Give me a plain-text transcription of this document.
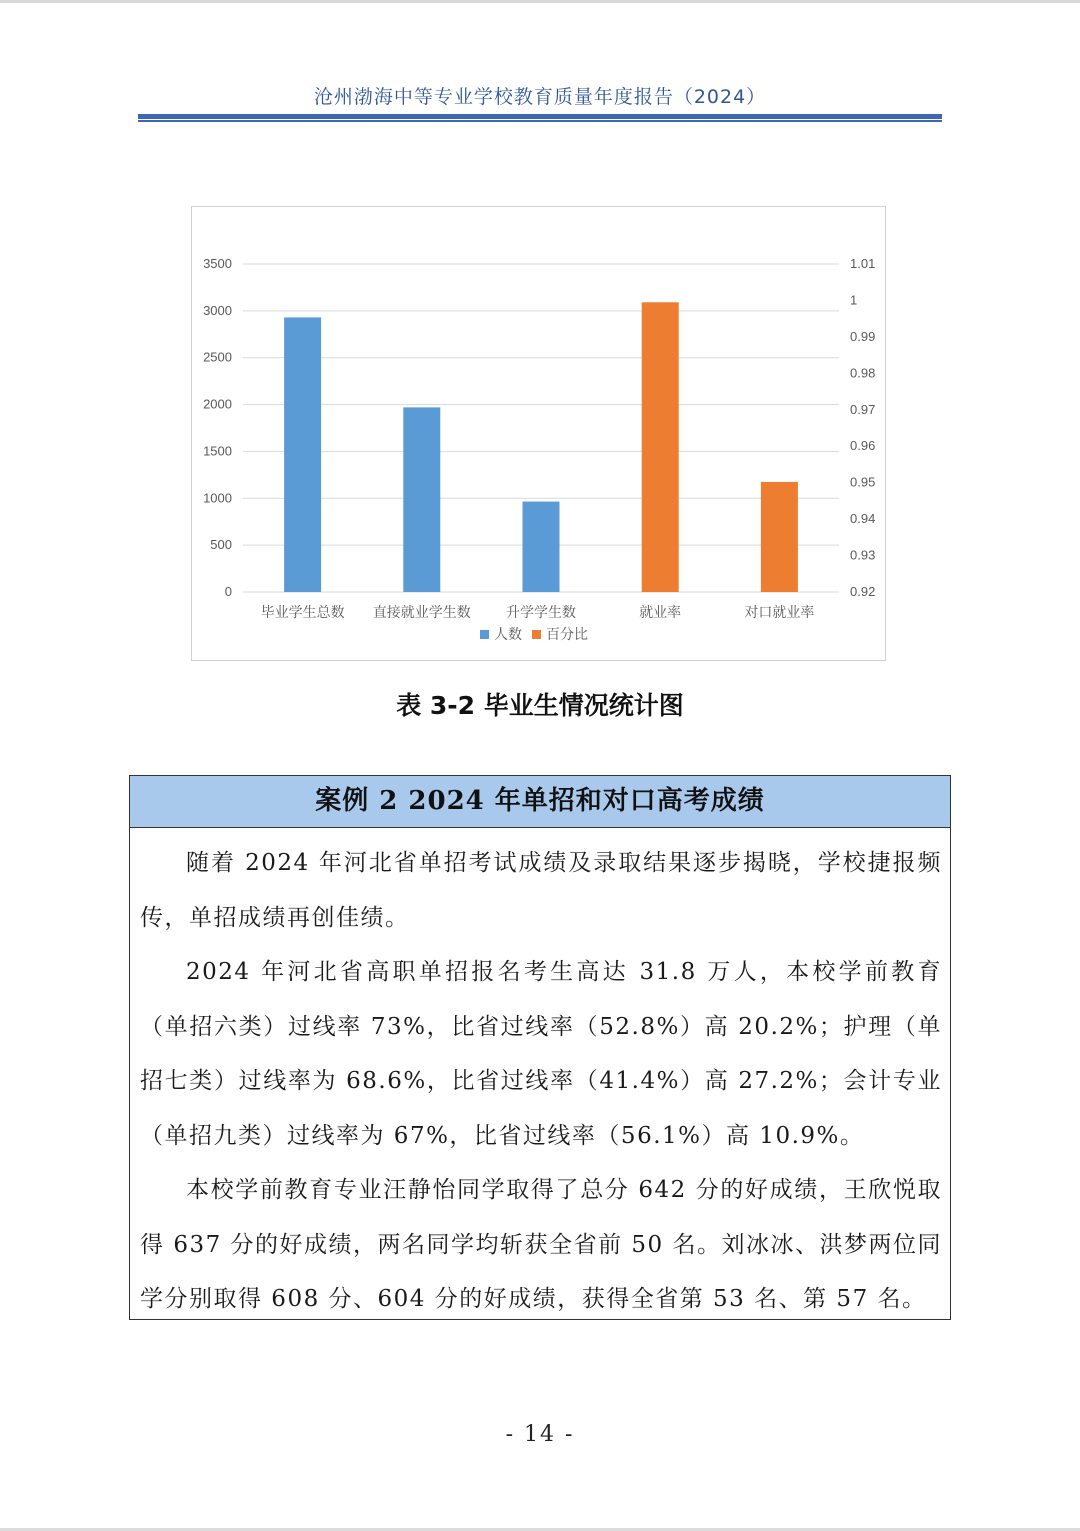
沧州渤海中等专业学校教育质量年度报告（2024）
0
500
1000
1500
2000
2500
3000
3500
0.92
0.93
0.94
0.95
0.96
0.97
0.98
0.99
1
1.01
毕业学生总数 直接就业学生数	升学学生数	就业率	对口就业率
人数 百分比
表 3-2 毕业生情况统计图
案例 2 2024 年单招和对口高考成绩

随着 2024 年河北省单招考试成绩及录取结果逐步揭晓，学校捷报频传，单招成绩再创佳绩。

2024 年河北省高职单招报名考生高达 31.8 万人，本校学前教育（单招六类）过线率 73%，比省过线率（52.8%）高 20.2%；护理（单招七类）过线率为 68.6%，比省过线率（41.4%）高 27.2%；会计专业（单招九类）过线率为 67%，比省过线率（56.1%）高 10.9%。

本校学前教育专业汪静怡同学取得了总分 642 分的好成绩，王欣悦取得 637 分的好成绩，两名同学均斩获全省前 50 名。刘冰冰、洪梦两位同学分别取得 608 分、604 分的好成绩，获得全省第 53 名、第 57 名。

- 14 -
